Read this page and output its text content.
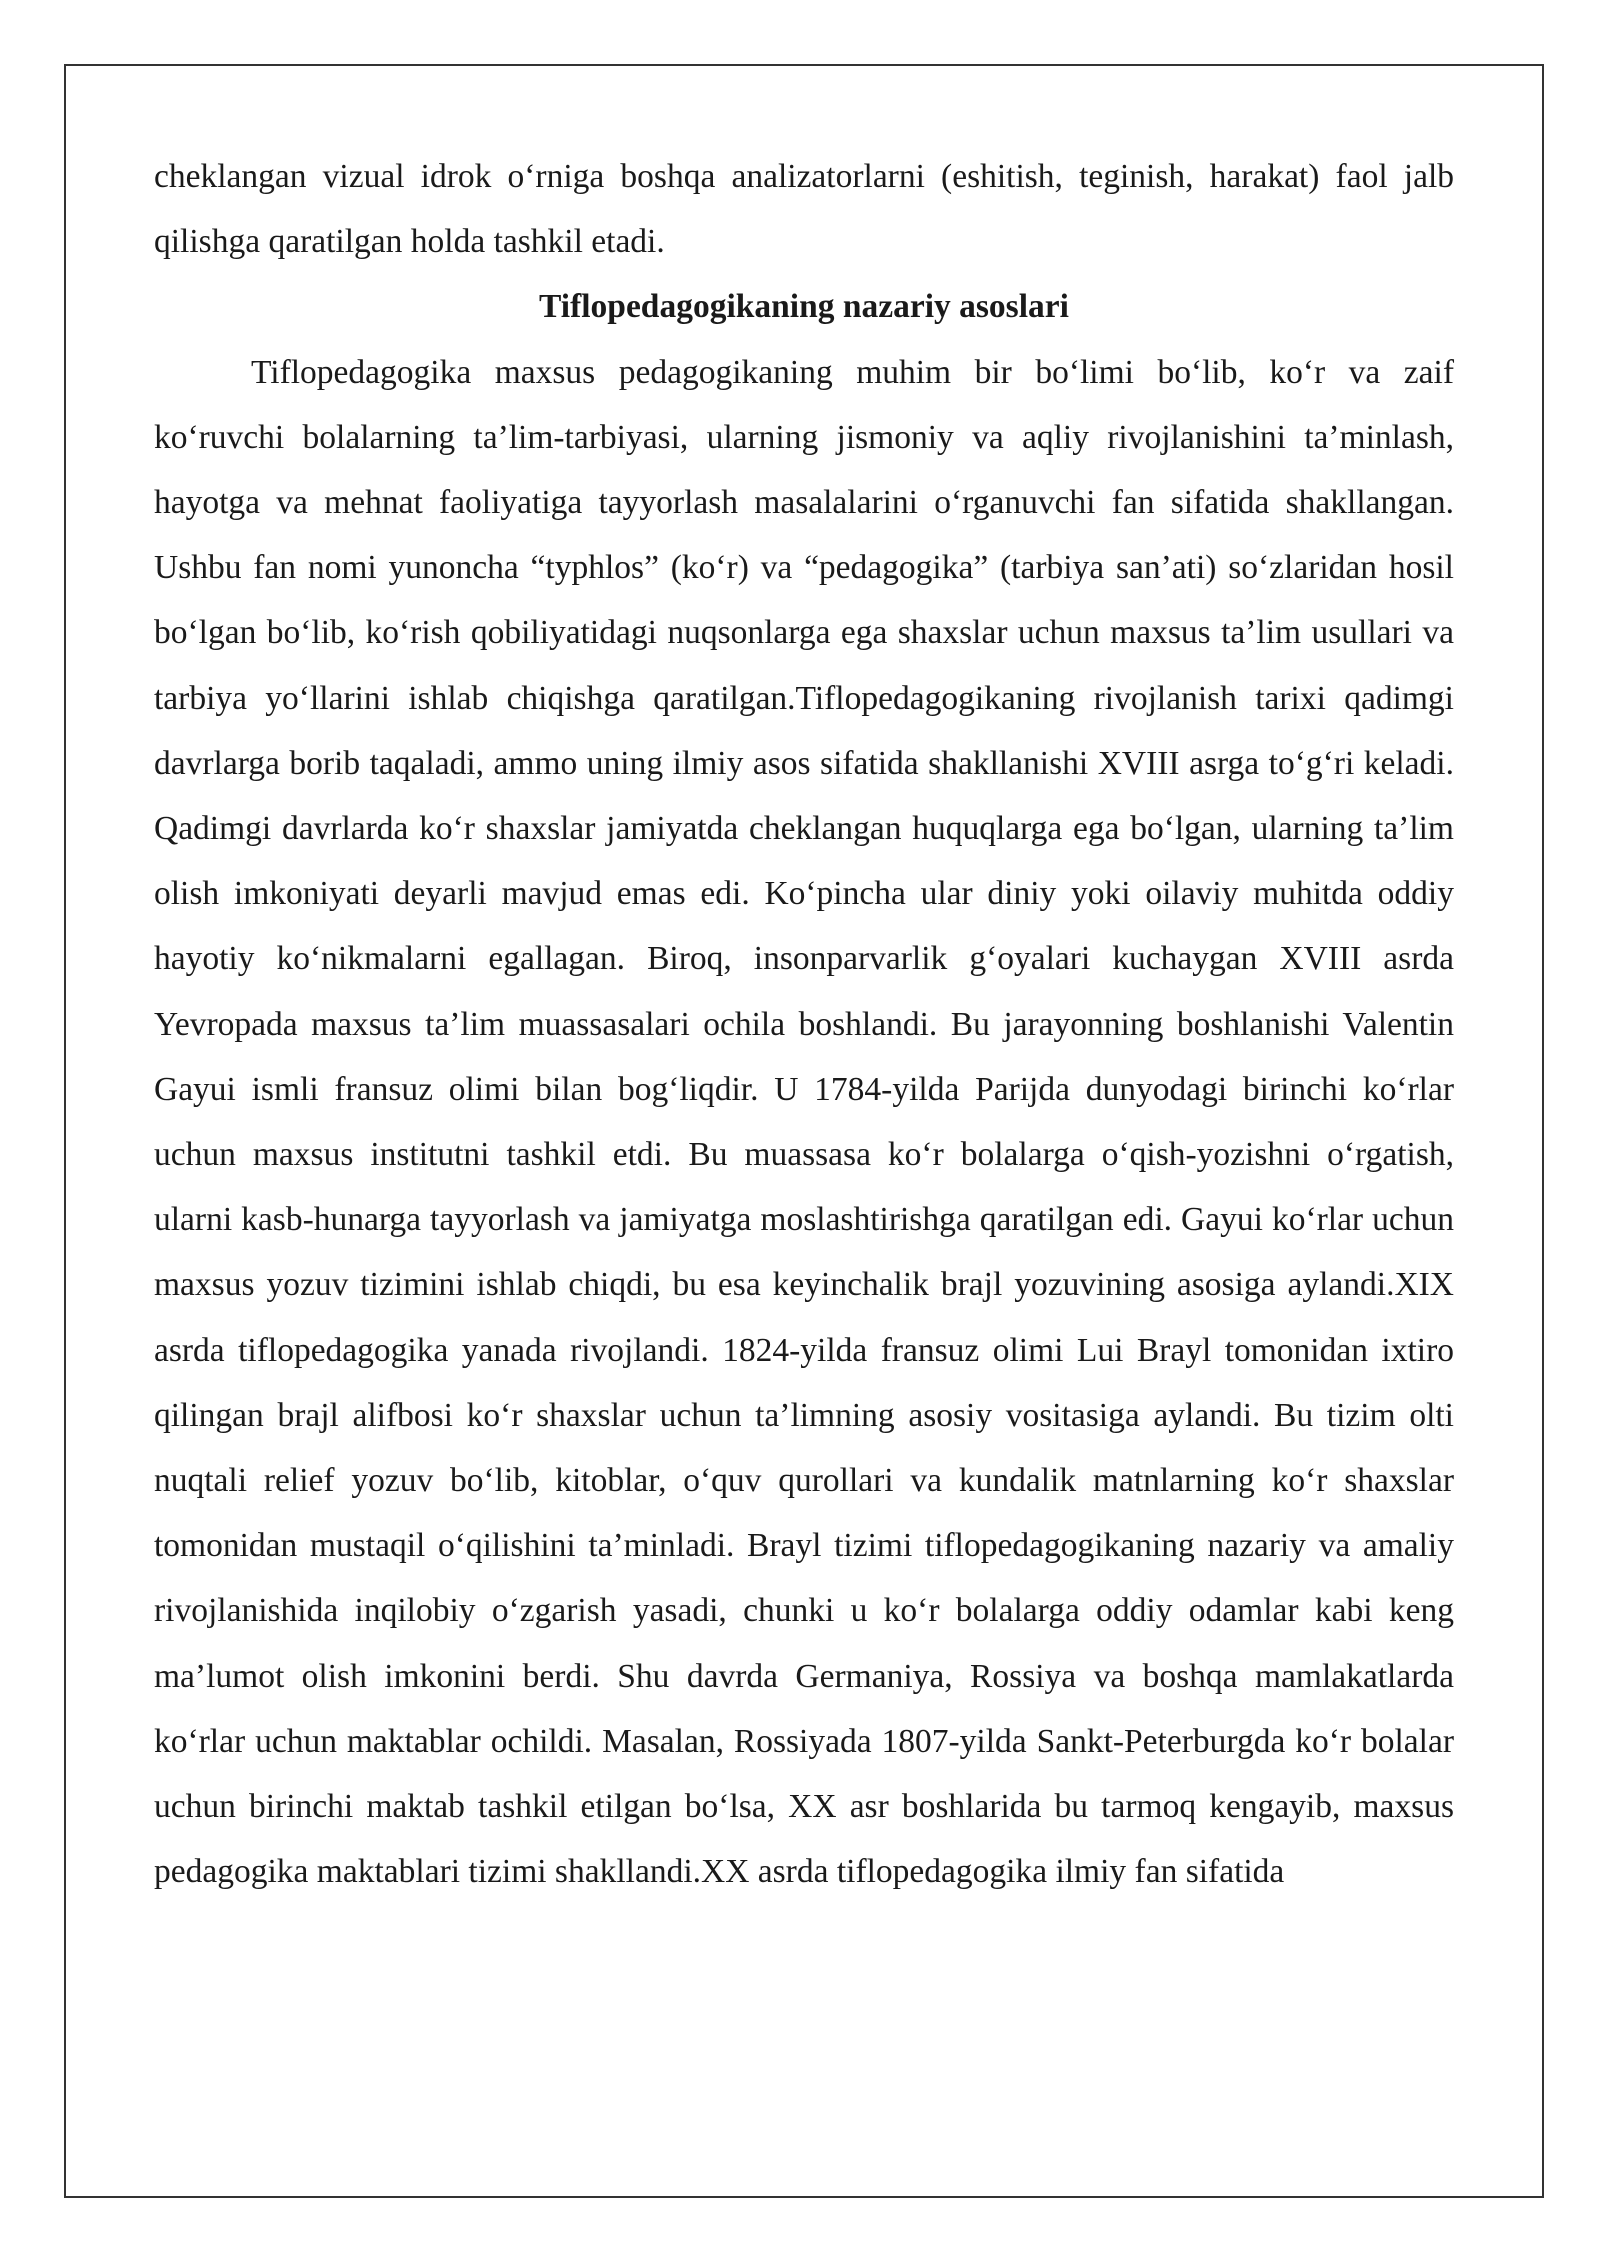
cheklangan vizual idrok o‘rniga boshqa analizatorlarni (eshitish, teginish, harakat) faol jalb qilishga qaratilgan holda tashkil etadi.

Tiflopedagogikaning nazariy asoslari

Tiflopedagogika maxsus pedagogikaning muhim bir bo‘limi bo‘lib, ko‘r va zaif ko‘ruvchi bolalarning ta’lim-tarbiyasi, ularning jismoniy va aqliy rivojlanishini ta’minlash, hayotga va mehnat faoliyatiga tayyorlash masalalarini o‘rganuvchi fan sifatida shakllangan. Ushbu fan nomi yunoncha “typhlos” (ko‘r) va “pedagogika” (tarbiya san’ati) so‘zlaridan hosil bo‘lgan bo‘lib, ko‘rish qobiliyatidagi nuqsonlarga ega shaxslar uchun maxsus ta’lim usullari va tarbiya yo‘llarini ishlab chiqishga qaratilgan.Tiflopedagogikaning rivojlanish tarixi qadimgi davrlarga borib taqaladi, ammo uning ilmiy asos sifatida shakllanishi XVIII asrga to‘g‘ri keladi. Qadimgi davrlarda ko‘r shaxslar jamiyatda cheklangan huquqlarga ega bo‘lgan, ularning ta’lim olish imkoniyati deyarli mavjud emas edi. Ko‘pincha ular diniy yoki oilaviy muhitda oddiy hayotiy ko‘nikmalarni egallagan. Biroq, insonparvarlik g‘oyalari kuchaygan XVIII asrda Yevropada maxsus ta’lim muassasalari ochila boshlandi. Bu jarayonning boshlanishi Valentin Gayui ismli fransuz olimi bilan bog‘liqdir. U 1784-yilda Parijda dunyodagi birinchi ko‘rlar uchun maxsus institutni tashkil etdi. Bu muassasa ko‘r bolalarga o‘qish-yozishni o‘rgatish, ularni kasb-hunarga tayyorlash va jamiyatga moslashtirishga qaratilgan edi. Gayui ko‘rlar uchun maxsus yozuv tizimini ishlab chiqdi, bu esa keyinchalik brajl yozuvining asosiga aylandi.XIX asrda tiflopedagogika yanada rivojlandi. 1824-yilda fransuz olimi Lui Brayl tomonidan ixtiro qilingan brajl alifbosi ko‘r shaxslar uchun ta’limning asosiy vositasiga aylandi. Bu tizim olti nuqtali relief yozuv bo‘lib, kitoblar, o‘quv qurollari va kundalik matnlarning ko‘r shaxslar tomonidan mustaqil o‘qilishini ta’minladi. Brayl tizimi tiflopedagogikaning nazariy va amaliy rivojlanishida inqilobiy o‘zgarish yasadi, chunki u ko‘r bolalarga oddiy odamlar kabi keng ma’lumot olish imkonini berdi. Shu davrda Germaniya, Rossiya va boshqa mamlakatlarda ko‘rlar uchun maktablar ochildi. Masalan, Rossiyada 1807-yilda Sankt-Peterburgda ko‘r bolalar uchun birinchi maktab tashkil etilgan bo‘lsa, XX asr boshlarida bu tarmoq kengayib, maxsus pedagogika maktablari tizimi shakllandi.XX asrda tiflopedagogika ilmiy fan sifatida
